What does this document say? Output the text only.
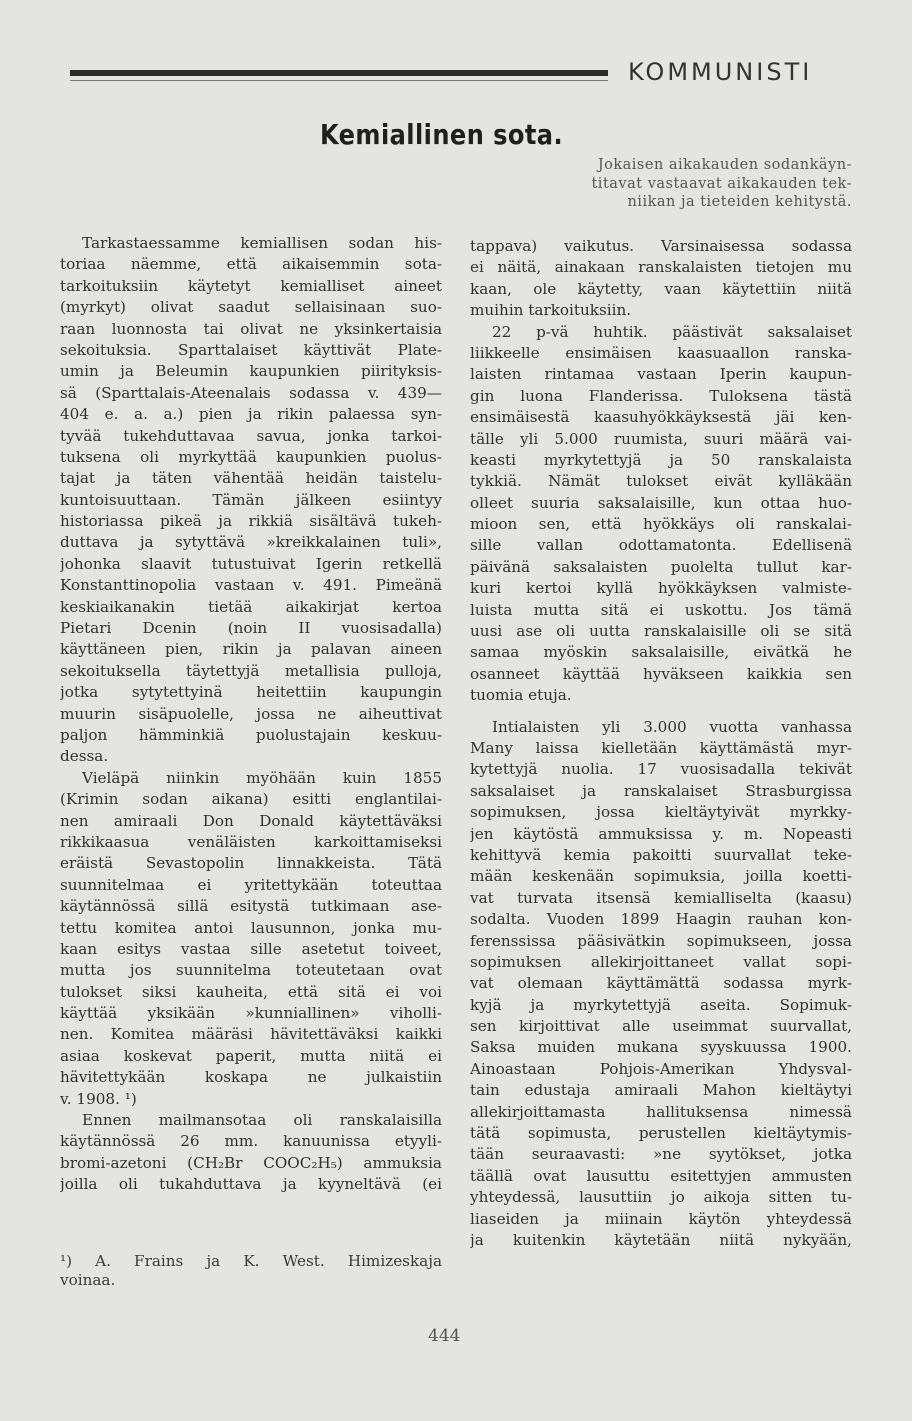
KOMMUNISTI
Kemiallinen sota.
Jokaisen aikakauden sodankäyn-
titavat vastaavat aikakauden tek-
niikan ja tieteiden kehitystä.
Tarkastaessamme kemiallisen sodan his-
toriaa näemme, että aikaisemmin sota-
tarkoituksiin käytetyt kemialliset aineet
(myrkyt) olivat saadut sellaisinaan suo-
raan luonnosta tai olivat ne yksinkertaisia
sekoituksia. Sparttalaiset käyttivät Plate-
umin ja Beleumin kaupunkien piirityksis-
sä (Sparttalais-Ateenalais sodassa v. 439—
404 e. a. a.) pien ja rikin palaessa syn-
tyvää tukehduttavaa savua, jonka tarkoi-
tuksena oli myrkyttää kaupunkien puolus-
tajat ja täten vähentää heidän taistelu-
kuntoisuuttaan. Tämän jälkeen esiintyy
historiassa pikeä ja rikkiä sisältävä tukeh-
duttava ja sytyttävä »kreikkalainen tuli»,
johonka slaavit tutustuivat Igerin retkellä
Konstanttinopolia vastaan v. 491. Pimeänä
keskiaikanakin tietää aikakirjat kertoa
Pietari Dcenin (noin II vuosisadalla)
käyttäneen pien, rikin ja palavan aineen
sekoituksella täytettyjä metallisia pulloja,
jotka sytytettyinä heitettiin kaupungin
muurin sisäpuolelle, jossa ne aiheuttivat
paljon hämminkiä puolustajain keskuu-
dessa.
Vieläpä niinkin myöhään kuin 1855
(Krimin sodan aikana) esitti englantilai-
nen amiraali Don Donald käytettäväksi
rikkikaasua venäläisten karkoittamiseksi
eräistä Sevastopolin linnakkeista. Tätä
suunnitelmaa ei yritettykään toteuttaa
käytännössä sillä esitystä tutkimaan ase-
tettu komitea antoi lausunnon, jonka mu-
kaan esitys vastaa sille asetetut toiveet,
mutta jos suunnitelma toteutetaan ovat
tulokset siksi kauheita, että sitä ei voi
käyttää yksikään »kunniallinen» viholli-
nen. Komitea määräsi hävitettäväksi kaikki
asiaa koskevat paperit, mutta niitä ei
hävitettykään koskapa ne julkaistiin
v. 1908. ¹)
Ennen mailmansotaa oli ranskalaisilla
käytännössä 26 mm. kanuunissa etyyli-
bromi-azetoni (CH₂Br COOC₂H₅) ammuksia
joilla oli tukahduttava ja kyyneltävä (ei
tappava) vaikutus. Varsinaisessa sodassa
ei näitä, ainakaan ranskalaisten tietojen mu
kaan, ole käytetty, vaan käytettiin niitä
muihin tarkoituksiin.
22 p-vä huhtik. päästivät saksalaiset
liikkeelle ensimäisen kaasuaallon ranska-
laisten rintamaa vastaan Iperin kaupun-
gin luona Flanderissa. Tuloksena tästä
ensimäisestä kaasuhyökkäyksestä jäi ken-
tälle yli 5.000 ruumista, suuri määrä vai-
keasti myrkytettyjä ja 50 ranskalaista
tykkiä. Nämät tulokset eivät kylläkään
olleet suuria saksalaisille, kun ottaa huo-
mioon sen, että hyökkäys oli ranskalai-
sille vallan odottamatonta. Edellisenä
päivänä saksalaisten puolelta tullut kar-
kuri kertoi kyllä hyökkäyksen valmiste-
luista mutta sitä ei uskottu. Jos tämä
uusi ase oli uutta ranskalaisille oli se sitä
samaa myöskin saksalaisille, eivätkä he
osanneet käyttää hyväkseen kaikkia sen
tuomia etuja.
Intialaisten yli 3.000 vuotta vanhassa
Many laissa kielletään käyttämästä myr-
kytettyjä nuolia. 17 vuosisadalla tekivät
saksalaiset ja ranskalaiset Strasburgissa
sopimuksen, jossa kieltäytyivät myrkky-
jen käytöstä ammuksissa y. m. Nopeasti
kehittyvä kemia pakoitti suurvallat teke-
mään keskenään sopimuksia, joilla koetti-
vat turvata itsensä kemialliselta (kaasu)
sodalta. Vuoden 1899 Haagin rauhan kon-
ferenssissa pääsivätkin sopimukseen, jossa
sopimuksen allekirjoittaneet vallat sopi-
vat olemaan käyttämättä sodassa myrk-
kyjä ja myrkytettyjä aseita. Sopimuk-
sen kirjoittivat alle useimmat suurvallat,
Saksa muiden mukana syyskuussa 1900.
Ainoastaan Pohjois-Amerikan Yhdysval-
tain edustaja amiraali Mahon kieltäytyi
allekirjoittamasta hallituksensa nimessä
tätä sopimusta, perustellen kieltäytymis-
tään seuraavasti: »ne syytökset, jotka
täällä ovat lausuttu esitettyjen ammusten
yhteydessä, lausuttiin jo aikoja sitten tu-
liaseiden ja miinain käytön yhteydessä
ja kuitenkin käytetään niitä nykyään,
¹) A. Frains ja K. West. Himizeskaja
voinaa.
444
